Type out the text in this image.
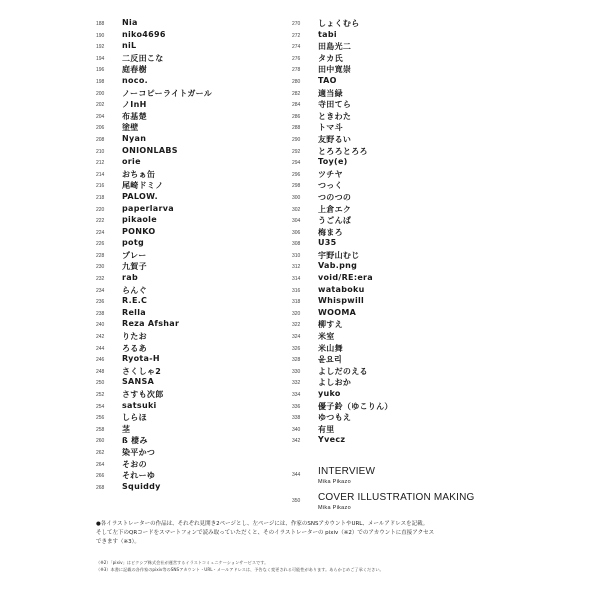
188	Nia
190	niko4696
192	niL
194	二反田こな
196	庭春樹
198	noco.
200	ノーコピーライトガール
202	ノInH
204	布基楚
206	塗壁
208	Nyan
210	ONIONLABS
212	orie
214	おちぁ缶
216	尾崎ドミノ
218	PALOW.
220	paperlarva
222	pikaole
224	PONKO
226	potg
228	プレー
230	九賀子
232	rab
234	らんぐ
236	R.E.C
238	Rella
240	Reza Afshar
242	りたお
244	ろるあ
246	Ryota-H
248	さくしゃ2
250	SANSA
252	さすも次郎
254	satsuki
256	しらほ
258	茎
260	ß 棲み
262	染平かつ
264	そおの
266	それーゆ
268	Squiddy
270	しょくむら
272	tabi
274	田島光二
276	タカ氏
278	田中寛崇
280	TAO
282	適当緑
284	寺田てら
286	ときわた
288	トマ斗
290	友野るい
292	とろろとろろ
294	Toy(e)
296	ツチヤ
298	つっく
300	つのつの
302	上倉エク
304	うごんば
306	梅まろ
308	U35
310	宇野山むじ
312	Vab.png
314	void/RE:era
316	wataboku
318	Whispwill
320	WOOMA
322	柳すえ
324	米室
326	米山舞
328	윤요리
330	よしだのえる
332	よしおか
334	yuko
336	優子鈴（ゆこりん）
338	ゆつもえ
340	有里
342	Yvecz
344	INTERVIEW
Mika Pikazo
350	COVER ILLUSTRATION MAKING
Mika Pikazo

●各イラストレーターの作品は、それぞれ見開き2ページとし、左ページには、作家のSNSアカウントやURL、メールアドレスを記載。

そして左下のQRコードをスマートフォンで読み取っていただくと、そのイラストレーターの pixiv（※2）でのアカウントに直接アクセス

できます（※3）。

（※2）「pixiv」はピクシブ株式会社が運営するイラストコミュニケーションサービスです。

（※3）本書に記載の各作家のpixiv等のSNSアカウント・URL・メールアドレスは、予告なく変更される可能性があります。あらかじめご了承ください。
